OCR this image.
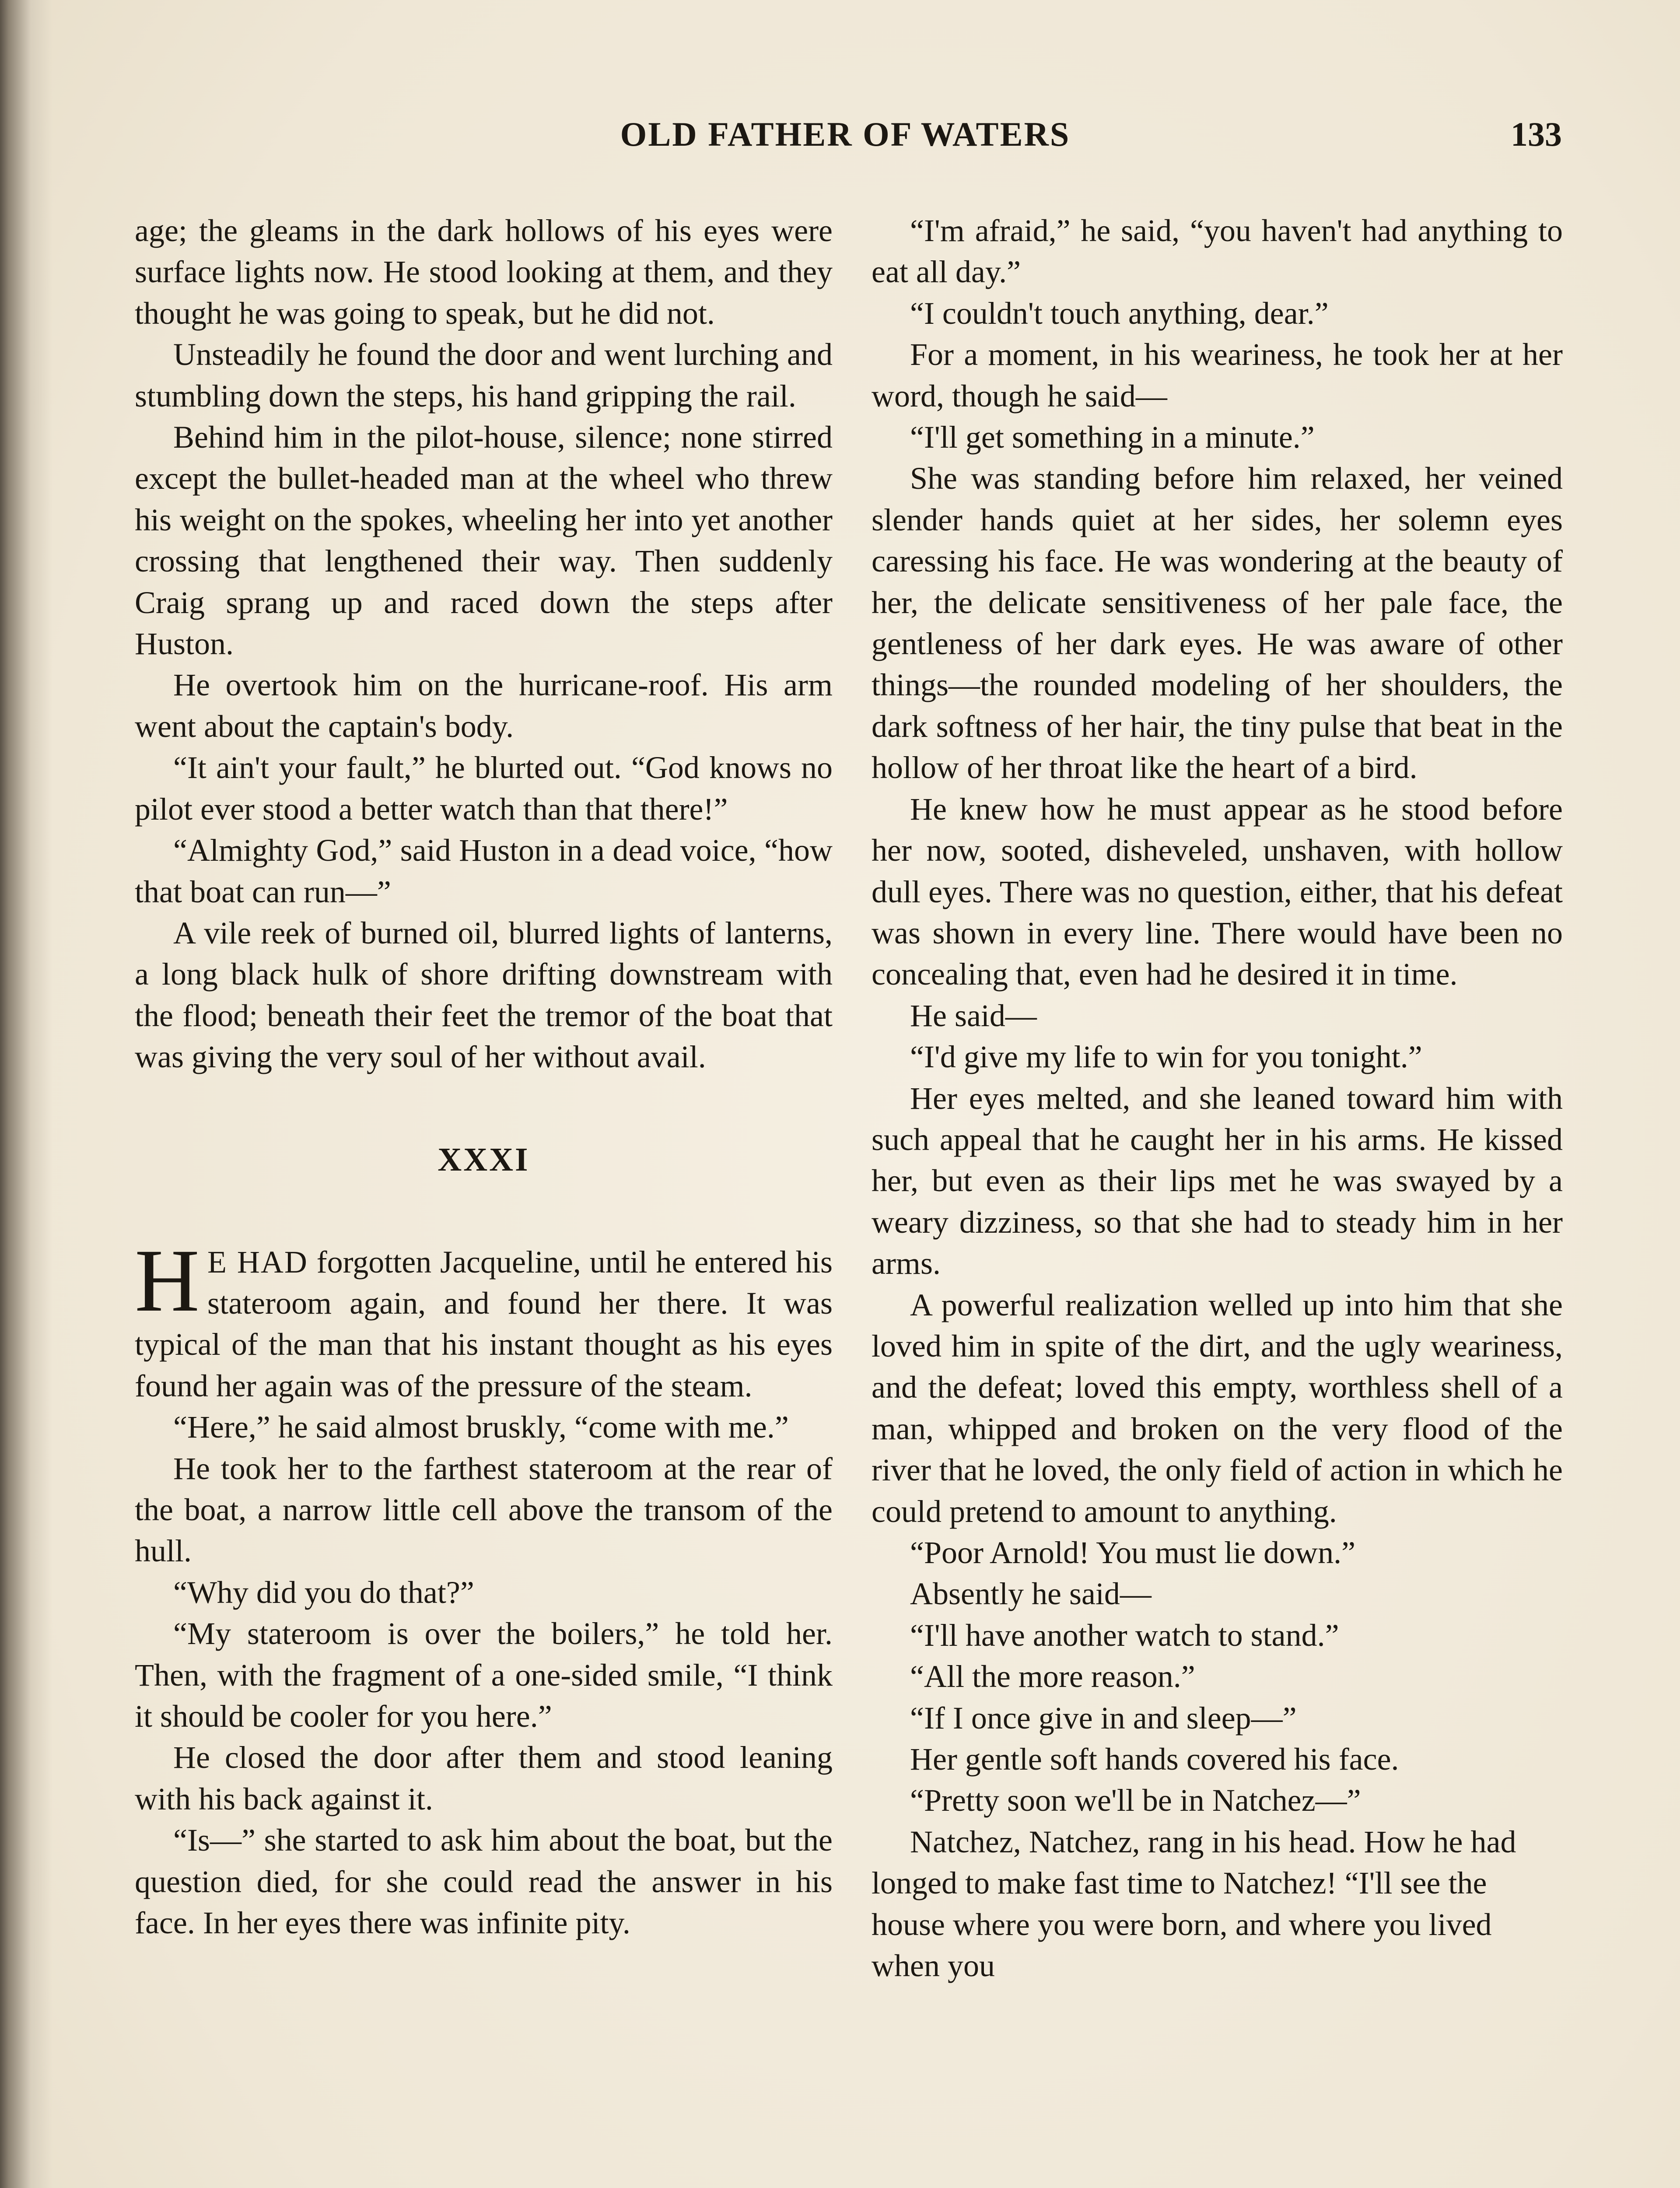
OLD FATHER OF WATERS	133

age; the gleams in the dark hollows of his eyes were surface lights now. He stood looking at them, and they thought he was going to speak, but he did not.

Unsteadily he found the door and went lurching and stumbling down the steps, his hand gripping the rail.

Behind him in the pilot-house, silence; none stirred except the bullet-headed man at the wheel who threw his weight on the spokes, wheeling her into yet another crossing that lengthened their way. Then suddenly Craig sprang up and raced down the steps after Huston.

He overtook him on the hurricane-roof. His arm went about the captain's body.

“It ain't your fault,” he blurted out. “God knows no pilot ever stood a better watch than that there!”

“Almighty God,” said Huston in a dead voice, “how that boat can run—”

A vile reek of burned oil, blurred lights of lanterns, a long black hulk of shore drifting downstream with the flood; beneath their feet the tremor of the boat that was giving the very soul of her without avail.

XXXI

H E HAD forgotten Jacqueline, until he entered his stateroom again, and found her there. It was typical of the man that his instant thought as his eyes found her again was of the pressure of the steam.

“Here,” he said almost bruskly, “come with me.”

He took her to the farthest stateroom at the rear of the boat, a narrow little cell above the transom of the hull.

“Why did you do that?”

“My stateroom is over the boilers,” he told her. Then, with the fragment of a one-sided smile, “I think it should be cooler for you here.”

He closed the door after them and stood leaning with his back against it.

“Is—” she started to ask him about the boat, but the question died, for she could read the answer in his face. In her eyes there was infinite pity.

“I'm afraid,” he said, “you haven't had anything to eat all day.”

“I couldn't touch anything, dear.”

For a moment, in his weariness, he took her at her word, though he said—

“I'll get something in a minute.”

She was standing before him relaxed, her veined slender hands quiet at her sides, her solemn eyes caressing his face. He was wondering at the beauty of her, the delicate sensitiveness of her pale face, the gentleness of her dark eyes. He was aware of other things—the rounded modeling of her shoulders, the dark softness of her hair, the tiny pulse that beat in the hollow of her throat like the heart of a bird.

He knew how he must appear as he stood before her now, sooted, disheveled, unshaven, with hollow dull eyes. There was no question, either, that his defeat was shown in every line. There would have been no concealing that, even had he desired it in time.

He said—

“I'd give my life to win for you tonight.”

Her eyes melted, and she leaned toward him with such appeal that he caught her in his arms. He kissed her, but even as their lips met he was swayed by a weary dizziness, so that she had to steady him in her arms.

A powerful realization welled up into him that she loved him in spite of the dirt, and the ugly weariness, and the defeat; loved this empty, worthless shell of a man, whipped and broken on the very flood of the river that he loved, the only field of action in which he could pretend to amount to anything.

“Poor Arnold! You must lie down.”

Absently he said—

“I'll have another watch to stand.”

“All the more reason.”

“If I once give in and sleep—”

Her gentle soft hands covered his face.

“Pretty soon we'll be in Natchez—”

Natchez, Natchez, rang in his head. How he had longed to make fast time to Natchez! “I'll see the house where you were born, and where you lived when you
